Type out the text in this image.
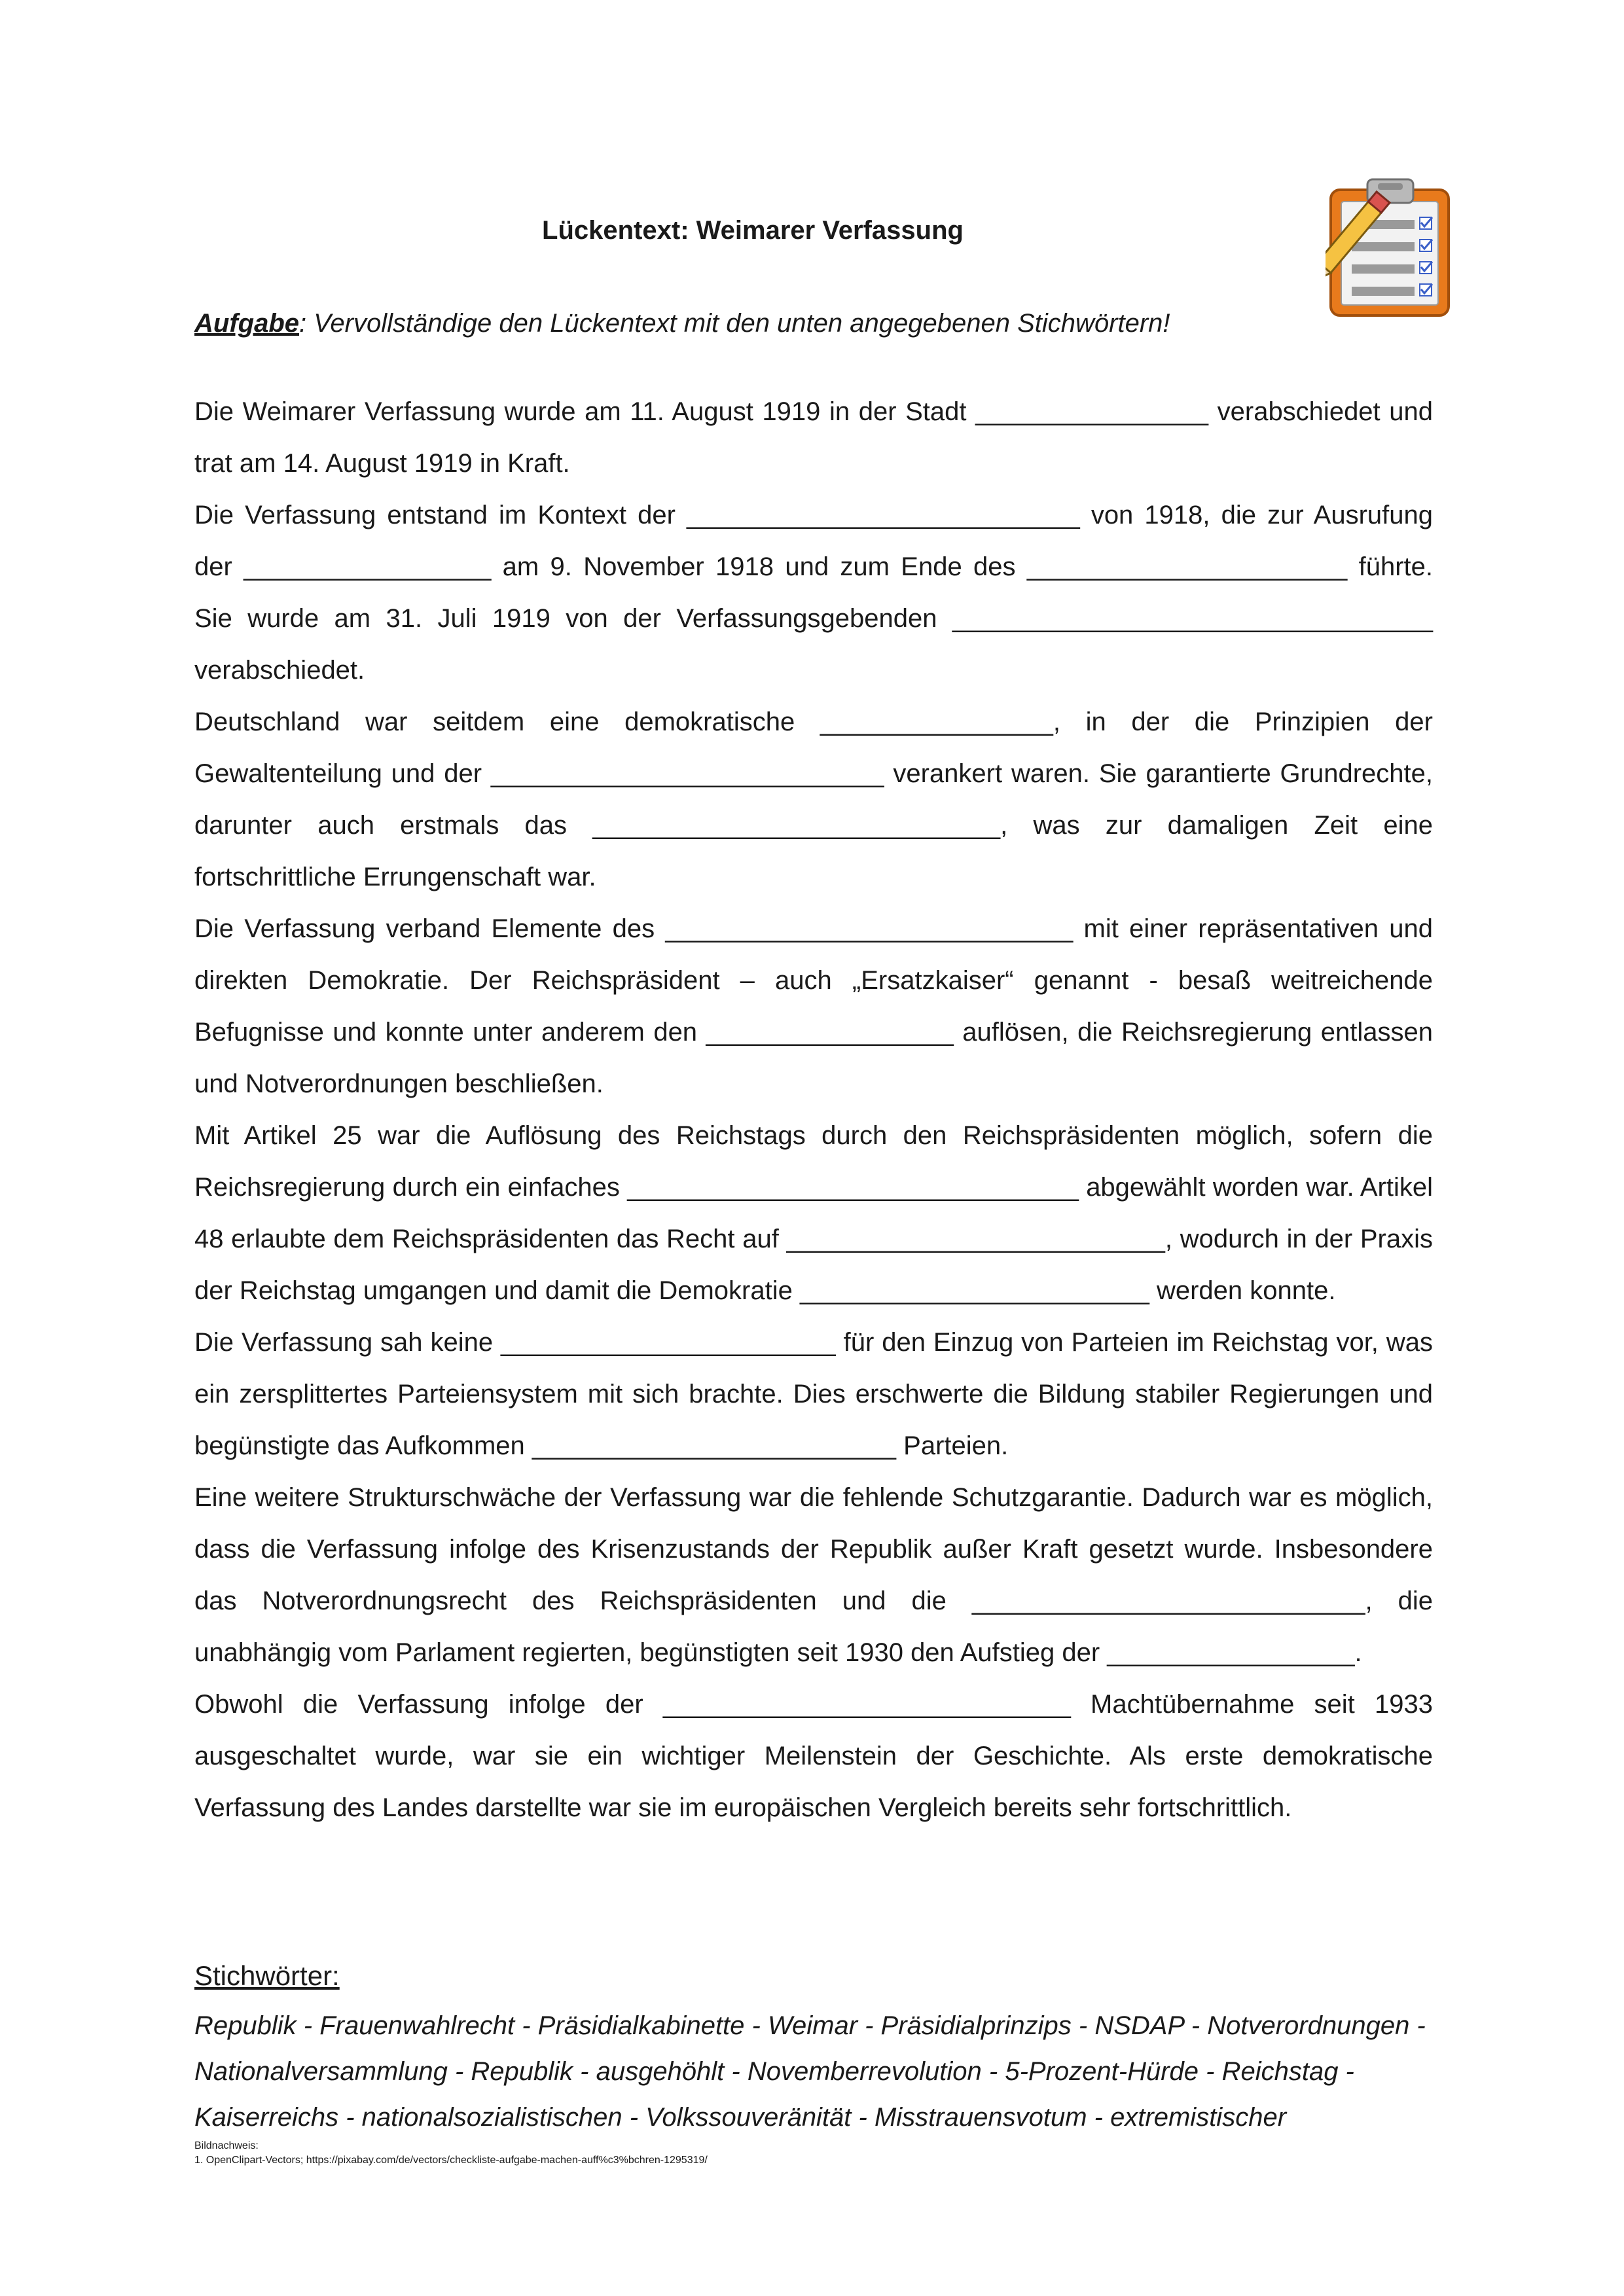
Lückentext: Weimarer Verfassung
Aufgabe: Vervollständige den Lückentext mit den unten angegebenen Stichwörtern!

Die Weimarer Verfassung wurde am 11. August 1919 in der Stadt ________________ verabschiedet und trat am 14. August 1919 in Kraft.

Die Verfassung entstand im Kontext der ___________________________ von 1918, die zur Ausrufung der _________________ am 9. November 1918 und zum Ende des ______________________ führte. Sie wurde am 31. Juli 1919 von der Verfassungsgebenden _________________________________ verabschiedet.

Deutschland war seitdem eine demokratische ________________, in der die Prinzipien der Gewaltenteilung und der ___________________________ verankert waren. Sie garantierte Grundrechte, darunter auch erstmals das ____________________________, was zur damaligen Zeit eine fortschrittliche Errungenschaft war.

Die Verfassung verband Elemente des ____________________________ mit einer repräsentativen und direkten Demokratie. Der Reichspräsident – auch „Ersatzkaiser“ genannt - besaß weitreichende Befugnisse und konnte unter anderem den _________________ auflösen, die Reichsregierung entlassen und Notverordnungen beschließen.

Mit Artikel 25 war die Auflösung des Reichstags durch den Reichspräsidenten möglich, sofern die Reichsregierung durch ein einfaches _______________________________ abgewählt worden war. Artikel 48 erlaubte dem Reichspräsidenten das Recht auf __________________________, wodurch in der Praxis der Reichstag umgangen und damit die Demokratie ________________________ werden konnte.

Die Verfassung sah keine _______________________ für den Einzug von Parteien im Reichstag vor, was ein zersplittertes Parteiensystem mit sich brachte. Dies erschwerte die Bildung stabiler Regierungen und begünstigte das Aufkommen _________________________ Parteien.

Eine weitere Strukturschwäche der Verfassung war die fehlende Schutzgarantie. Dadurch war es möglich, dass die Verfassung infolge des Krisenzustands der Republik außer Kraft gesetzt wurde. Insbesondere das Notverordnungsrecht des Reichspräsidenten und die ___________________________, die unabhängig vom Parlament regierten, begünstigten seit 1930 den Aufstieg der _________________.

Obwohl die Verfassung infolge der ____________________________ Machtübernahme seit 1933 ausgeschaltet wurde, war sie ein wichtiger Meilenstein der Geschichte. Als erste demokratische Verfassung des Landes darstellte war sie im europäischen Vergleich bereits sehr fortschrittlich.

Stichwörter:
Republik - Frauenwahlrecht - Präsidialkabinette - Weimar - Präsidialprinzips - NSDAP - Notverordnungen - Nationalversammlung - Republik - ausgehöhlt - Novemberrevolution - 5-Prozent-Hürde - Reichstag - Kaiserreichs - nationalsozialistischen - Volkssouveränität - Misstrauensvotum - extremistischer
Bildnachweis:
1. OpenClipart-Vectors; https://pixabay.com/de/vectors/checkliste-aufgabe-machen-auff%c3%bchren-1295319/
